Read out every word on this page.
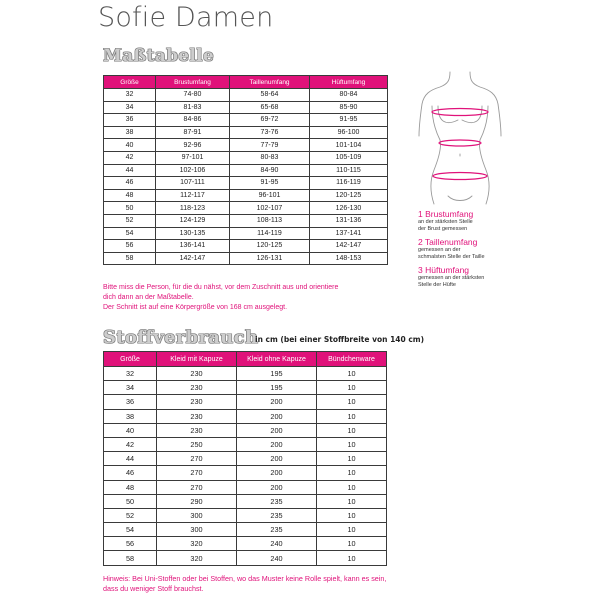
Sofie Damen
Maßtabelle
Größe	Brustumfang	Taillenumfang	Hüftumfang
32	74-80	58-64	80-84
34	81-83	65-68	85-90
36	84-86	69-72	91-95
38	87-91	73-76	96-100
40	92-96	77-79	101-104
42	97-101	80-83	105-109
44	102-106	84-90	110-115
46	107-111	91-95	116-119
48	112-117	96-101	120-125
50	118-123	102-107	126-130
52	124-129	108-113	131-136
54	130-135	114-119	137-141
56	136-141	120-125	142-147
58	142-147	126-131	148-153
Bitte miss die Person, für die du nähst, vor dem Zuschnitt aus und orientiere
dich dann an der Maßtabelle.
Der Schnitt ist auf eine Körpergröße von 168 cm ausgelegt.
1 Brustumfang
an der stärksten Stelle
der Brust gemessen
2 Taillenumfang
gemessen an der
schmalsten Stelle der Taille
3 Hüftumfang
gemessen an der stärksten
Stelle der Hüfte
Stoffverbrauch
in cm (bei einer Stoffbreite von 140 cm)
Größe	Kleid mit Kapuze	Kleid ohne Kapuze	Bündchenware
32	230	195	10
34	230	195	10
36	230	200	10
38	230	200	10
40	230	200	10
42	250	200	10
44	270	200	10
46	270	200	10
48	270	200	10
50	290	235	10
52	300	235	10
54	300	235	10
56	320	240	10
58	320	240	10
Hinweis: Bei Uni-Stoffen oder bei Stoffen, wo das Muster keine Rolle spielt, kann es sein,
dass du weniger Stoff brauchst.
